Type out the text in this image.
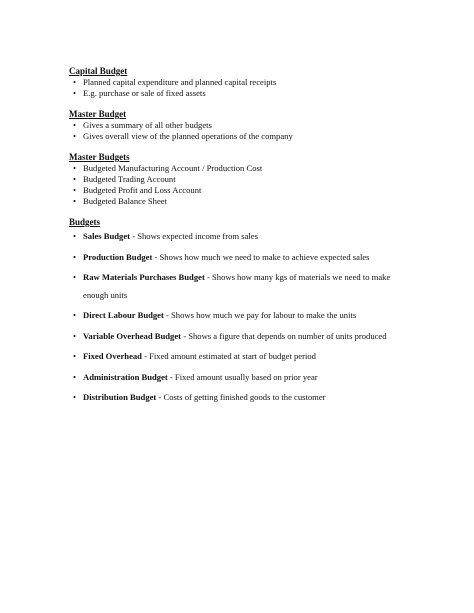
Capital Budget
• Planned capital expenditure and planned capital receipts
• E.g. purchase or sale of fixed assets
Master Budget
• Gives a summary of all other budgets
• Gives overall view of the planned operations of the company
Master Budgets
• Budgeted Manufacturing Account / Production Cost
• Budgeted Trading Account
• Budgeted Profit and Loss Account
• Budgeted Balance Sheet
Budgets
• Sales Budget - Shows expected income from sales
• Production Budget - Shows how much we need to make to achieve expected sales
• Raw Materials Purchases Budget - Shows how many kgs of materials we need to make enough units
• Direct Labour Budget - Shows how much we pay for labour to make the units
• Variable Overhead Budget - Shows a figure that depends on number of units produced
• Fixed Overhead - Fixed amount estimated at start of budget period
• Administration Budget - Fixed amount usually based on prior year
• Distribution Budget - Costs of getting finished goods to the customer
